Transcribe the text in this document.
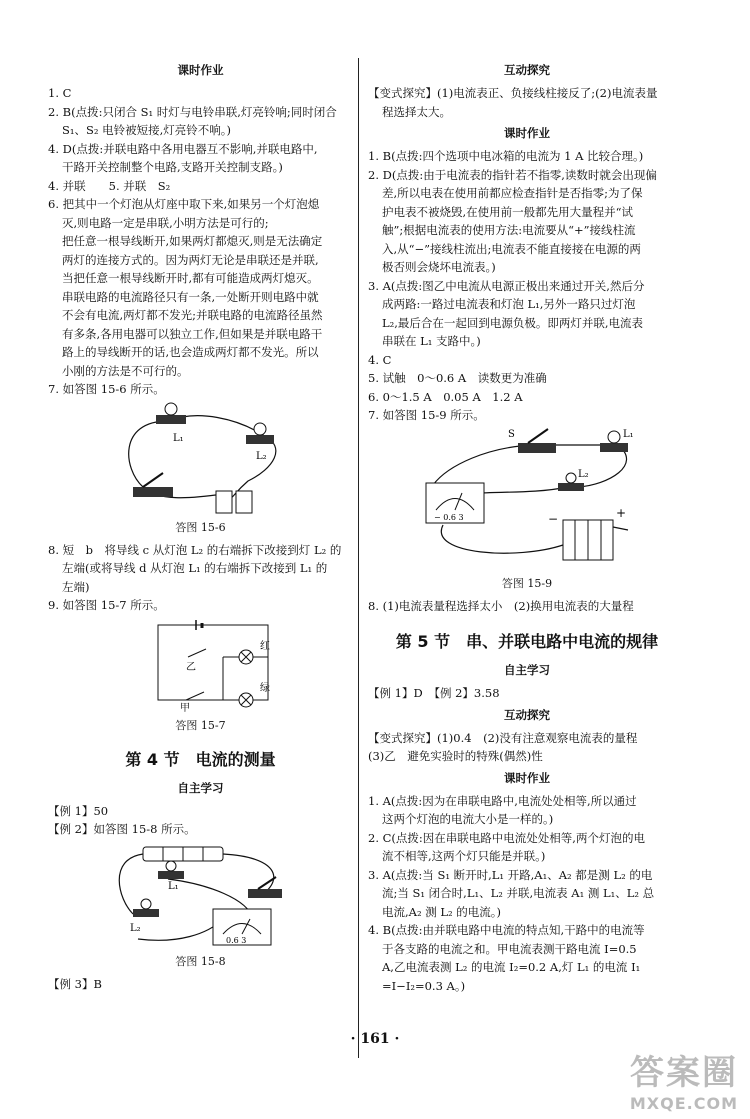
课时作业
1. C
2. B(点拨:只闭合 S₁ 时灯与电铃串联,灯亮铃响;同时闭合
S₁、S₂ 电铃被短接,灯亮铃不响。)
4. D(点拨:并联电路中各用电器互不影响,并联电路中,
干路开关控制整个电路,支路开关控制支路。)
4. 并联　　5. 并联　S₂
6. 把其中一个灯泡从灯座中取下来,如果另一个灯泡熄
灭,则电路一定是串联,小明方法是可行的;
把任意一根导线断开,如果两灯都熄灭,则是无法确定
两灯的连接方式的。因为两灯无论是串联还是并联,
当把任意一根导线断开时,都有可能造成两灯熄灭。
串联电路的电流路径只有一条,一处断开则电路中就
不会有电流,两灯都不发光;并联电路的电流路径虽然
有多条,各用电器可以独立工作,但如果是并联电路干
路上的导线断开的话,也会造成两灯都不发光。所以
小刚的方法是不可行的。
7. 如答图 15-6 所示。
L₁
L₂
答图 15-6
8. 短　b　将导线 c 从灯泡 L₂ 的右端拆下改接到灯 L₂ 的
左端(或将导线 d 从灯泡 L₁ 的右端拆下改接到 L₁ 的
左端)
9. 如答图 15-7 所示。
红
绿
乙
甲
答图 15-7
第 4 节　电流的测量
自主学习
【例 1】50
【例 2】如答图 15-8 所示。
L₁
L₂
0.6 3
答图 15-8
【例 3】B
互动探究
【变式探究】(1)电流表正、负接线柱接反了;(2)电流表量
程选择太大。
课时作业
1. B(点拨:四个选项中电冰箱的电流为 1 A 比较合理。)
2. D(点拨:由于电流表的指针若不指零,读数时就会出现偏
差,所以电表在使用前都应检查指针是否指零;为了保
护电表不被烧毁,在使用前一般都先用大量程并“试
触”;根据电流表的使用方法:电流要从“+”接线柱流
入,从“−”接线柱流出;电流表不能直接接在电源的两
极否则会烧坏电流表。)
3. A(点拨:图乙中电流从电源正极出来通过开关,然后分
成两路:一路过电流表和灯泡 L₁,另外一路只过灯泡
L₂,最后合在一起回到电源负极。即两灯并联,电流表
串联在 L₁ 支路中。)
4. C
5. 试触　0～0.6 A　读数更为准确
6. 0～1.5 A　0.05 A　1.2 A
7. 如答图 15-9 所示。
S	L₁
L₂
− 0.6 3	−	+
答图 15-9
8. (1)电流表量程选择太小　(2)换用电流表的大量程
第 5 节　串、并联电路中电流的规律
自主学习
【例 1】D　【例 2】3.58
互动探究
【变式探究】(1)0.4　(2)没有注意观察电流表的量程
(3)乙　避免实验时的特殊(偶然)性
课时作业
1. A(点拨:因为在串联电路中,电流处处相等,所以通过
这两个灯泡的电流大小是一样的。)
2. C(点拨:因在串联电路中电流处处相等,两个灯泡的电
流不相等,这两个灯只能是并联。)
3. A(点拨:当 S₁ 断开时,L₁ 开路,A₁、A₂ 都是测 L₂ 的电
流;当 S₁ 闭合时,L₁、L₂ 并联,电流表 A₁ 测 L₁、L₂ 总
电流,A₂ 测 L₂ 的电流。)
4. B(点拨:由并联电路中电流的特点知,干路中的电流等
于各支路的电流之和。甲电流表测干路电流 I=0.5
A,乙电流表测 L₂ 的电流 I₂=0.2 A,灯 L₁ 的电流 I₁
=I−I₂=0.3 A。)
· 161 ·
答案圈
MXQE.COM
